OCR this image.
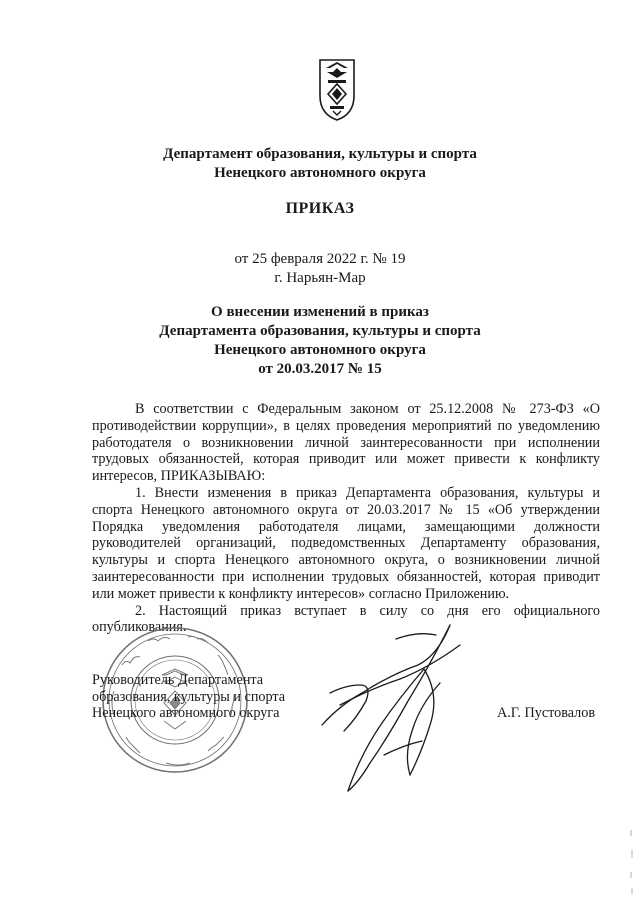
Департамент образования, культуры и спорта
Ненецкого автономного округа
ПРИКАЗ
от 25 февраля 2022 г. № 19
г. Нарьян-Мар
О внесении изменений в приказ
Департамента образования, культуры и спорта
Ненецкого автономного округа
от 20.03.2017 № 15

В соответствии с Федеральным законом от 25.12.2008 № 273-ФЗ «О противодействии коррупции», в целях проведения мероприятий по уведомлению работодателя о возникновении личной заинтересованности при исполнении трудовых обязанностей, которая приводит или может привести к конфликту интересов, ПРИКАЗЫВАЮ:

1. Внести изменения в приказ Департамента образования, культуры и спорта Ненецкого автономного округа от 20.03.2017 № 15 «Об утверждении Порядка уведомления работодателя лицами, замещающими должности руководителей организаций, подведомственных Департаменту образования, культуры и спорта Ненецкого автономного округа, о возникновении личной заинтересованности при исполнении трудовых обязанностей, которая приводит или может привести к конфликту интересов» согласно Приложению.

2. Настоящий приказ вступает в силу со дня его официального опубликования.

Руководитель Департамента
образования, культуры и спорта
Ненецкого автономного округа	А.Г. Пустовалов
